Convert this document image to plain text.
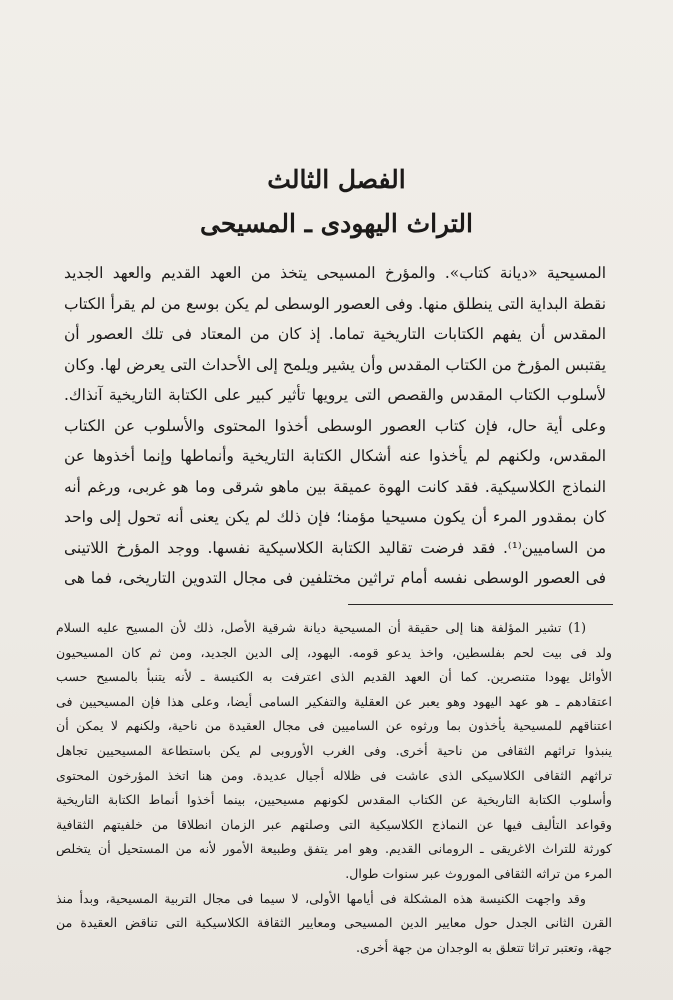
الفصل الثالث
التراث اليهودى ـ المسيحى
المسيحية «ديانة كتاب». والمؤرخ المسيحى يتخذ من العهد القديم والعهد الجديد
نقطة البداية التى ينطلق منها. وفى العصور الوسطى لم يكن بوسع من لم يقرأ الكتاب
المقدس أن يفهم الكتابات التاريخية تماما. إذ كان من المعتاد فى تلك العصور أن
يقتبس المؤرخ من الكتاب المقدس وأن يشير ويلمح إلى الأحداث التى يعرض لها. وكان
لأسلوب الكتاب المقدس والقصص التى يرويها تأثير كبير على الكتابة التاريخية آنذاك.
وعلى أية حال، فإن كتاب العصور الوسطى أخذوا المحتوى والأسلوب عن الكتاب
المقدس، ولكنهم لم يأخذوا عنه أشكال الكتابة التاريخية وأنماطها وإنما أخذوها عن
النماذج الكلاسيكية. فقد كانت الهوة عميقة بين ماهو شرقى وما هو غربى، ورغم أنه
كان بمقدور المرء أن يكون مسيحيا مؤمنا؛ فإن ذلك لم يكن يعنى أنه تحول إلى واحد
من الساميين⁽¹⁾. فقد فرضت تقاليد الكتابة الكلاسيكية نفسها. ووجد المؤرخ اللاتينى
فى العصور الوسطى نفسه أمام تراثين مختلفين فى مجال التدوين التاريخى، فما هى
(1) تشير المؤلفة هنا إلى حقيقة أن المسيحية ديانة شرقية الأصل، ذلك لأن المسيح عليه السلام
ولد فى بيت لحم بفلسطين، واخذ يدعو قومه. اليهود، إلى الدين الجديد، ومن ثم كان المسيحيون
الأوائل يهودا متنصرين. كما أن العهد القديم الذى اعترفت به الكنيسة ـ لأنه يتنبأ بالمسيح حسب
اعتقادهم ـ هو عهد اليهود وهو يعبر عن العقلية والتفكير السامى أيضا، وعلى هذا فإن المسيحيين فى
اعتناقهم للمسيحية يأخذون بما ورثوه عن الساميين فى مجال العقيدة من ناحية، ولكنهم لا يمكن أن
ينبذوا تراثهم الثقافى من ناحية أخرى. وفى الغرب الأوروبى لم يكن باستطاعة المسيحيين تجاهل
تراثهم الثقافى الكلاسيكى الذى عاشت فى ظلاله أجيال عديدة. ومن هنا اتخذ المؤرخون المحتوى
وأسلوب الكتابة التاريخية عن الكتاب المقدس لكونهم مسيحيين، بينما أخذوا أنماط الكتابة التاريخية
وقواعد التأليف فيها عن النماذج الكلاسيكية التى وصلتهم عبر الزمان انطلاقا من خلفيتهم الثقافية
كورثة للتراث الاغريقى ـ الرومانى القديم. وهو امر يتفق وطبيعة الأمور لأنه من المستحيل أن يتخلص
المرء من تراثه الثقافى الموروث عبر سنوات طوال.
وقد واجهت الكنيسة هذه المشكلة فى أيامها الأولى، لا سيما فى مجال التربية المسيحية، وبدأ منذ
القرن الثانى الجدل حول معايير الدين المسيحى ومعايير الثقافة الكلاسيكية التى تناقض العقيدة من
جهة، وتعتبر تراثا تتعلق به الوجدان من جهة أخرى.
